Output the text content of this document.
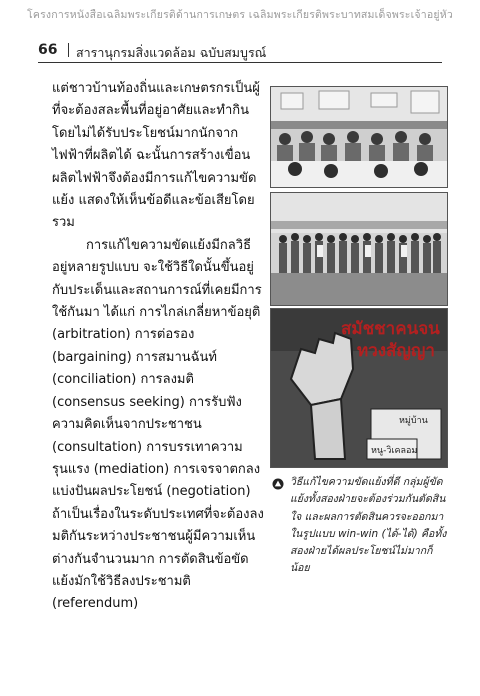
โครงการหนังสือเฉลิมพระเกียรติด้านการเกษตร เฉลิมพระเกียรติพระบาทสมเด็จพระเจ้าอยู่หัว
66 สารานุกรมสิ่งแวดล้อม ฉบับสมบูรณ์

แต่ชาวบ้านท้องถิ่นและเกษตรกรเป็นผู้ที่จะต้องสละพื้นที่อยู่อาศัยและทำกิน โดยไม่ได้รับประโยชน์มากนักจากไฟฟ้าที่ผลิตได้ ฉะนั้นการสร้างเขื่อนผลิตไฟฟ้าจึงต้องมีการแก้ไขความขัดแย้ง แสดงให้เห็นข้อดีและข้อเสียโดยรวม

การแก้ไขความขัดแย้งมีกลวิธีอยู่หลายรูปแบบ จะใช้วิธีใดนั้นขึ้นอยู่กับประเด็นและสถานการณ์ที่เคยมีการใช้กันมา ได้แก่ การไกล่เกลี่ยหาข้อยุติ (arbitration) การต่อรอง (bargaining) การสมานฉันท์ (conciliation) การลงมติ (consensus seeking) การรับฟังความคิดเห็นจากประชาชน (consultation) การบรรเทาความรุนแรง (mediation) การเจรจาตกลงแบ่งปันผลประโยชน์ (negotiation) ถ้าเป็นเรื่องในระดับประเทศที่จะต้องลงมติกันระหว่างประชาชนผู้มีความเห็นต่างกันจำนวนมาก การตัดสินข้อขัดแย้งมักใช้วิธีลงประชามติ (referendum)

สมัชชาคนจน
ทวงสัญญา
หมู่บ้าน
หนู-วิเคลอม
วิธีแก้ไขความขัดแย้งที่ดี กลุ่มผู้ขัดแย้งทั้งสองฝ่ายจะต้องร่วมกันตัดสินใจ และผลการตัดสินควรจะออกมาในรูปแบบ win-win (ได้-ได้) คือทั้งสองฝ่ายได้ผลประโยชน์ไม่มากก็น้อย
